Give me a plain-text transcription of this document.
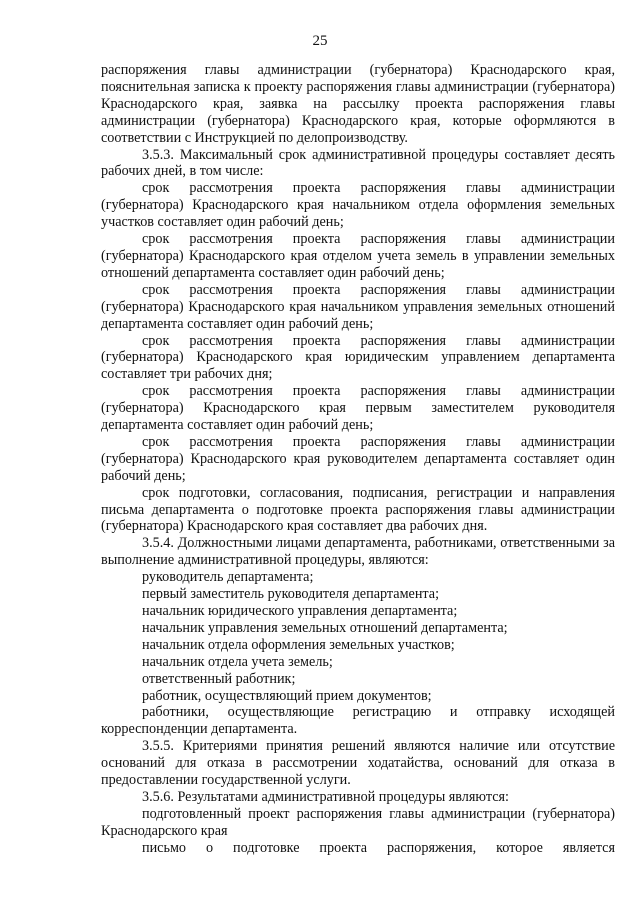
25

распоряжения главы администрации (губернатора) Краснодарского края, пояснительная записка к проекту распоряжения главы администрации (губернатора) Краснодарского края, заявка на рассылку проекта распоряжения главы администрации (губернатора) Краснодарского края, которые оформляются в соответствии с Инструкцией по делопроизводству.

3.5.3. Максимальный срок административной процедуры составляет десять рабочих дней, в том числе:

срок рассмотрения проекта распоряжения главы администрации (губернатора) Краснодарского края начальником отдела оформления земельных участков составляет один рабочий день;

срок рассмотрения проекта распоряжения главы администрации (губернатора) Краснодарского края отделом учета земель в управлении земельных отношений департамента составляет один рабочий день;

срок рассмотрения проекта распоряжения главы администрации (губернатора) Краснодарского края начальником управления земельных отношений департамента составляет один рабочий день;

срок рассмотрения проекта распоряжения главы администрации (губернатора) Краснодарского края юридическим управлением департамента составляет три рабочих дня;

срок рассмотрения проекта распоряжения главы администрации (губернатора) Краснодарского края первым заместителем руководителя департамента составляет один рабочий день;

срок рассмотрения проекта распоряжения главы администрации (губернатора) Краснодарского края руководителем департамента составляет один рабочий день;

срок подготовки, согласования, подписания, регистрации и направления письма департамента о подготовке проекта распоряжения главы администрации (губернатора) Краснодарского края составляет два рабочих дня.

3.5.4. Должностными лицами департамента, работниками, ответственными за выполнение административной процедуры, являются:

руководитель департамента;

первый заместитель руководителя департамента;

начальник юридического управления департамента;

начальник управления земельных отношений департамента;

начальник отдела оформления земельных участков;

начальник отдела учета земель;

ответственный работник;

работник, осуществляющий прием документов;

работники, осуществляющие регистрацию и отправку исходящей корреспонденции департамента.

3.5.5. Критериями принятия решений являются наличие или отсутствие оснований для отказа в рассмотрении ходатайства, оснований для отказа в предоставлении государственной услуги.

3.5.6. Результатами административной процедуры являются:

подготовленный проект распоряжения главы администрации (губернатора) Краснодарского края

письмо о подготовке проекта распоряжения, которое является
